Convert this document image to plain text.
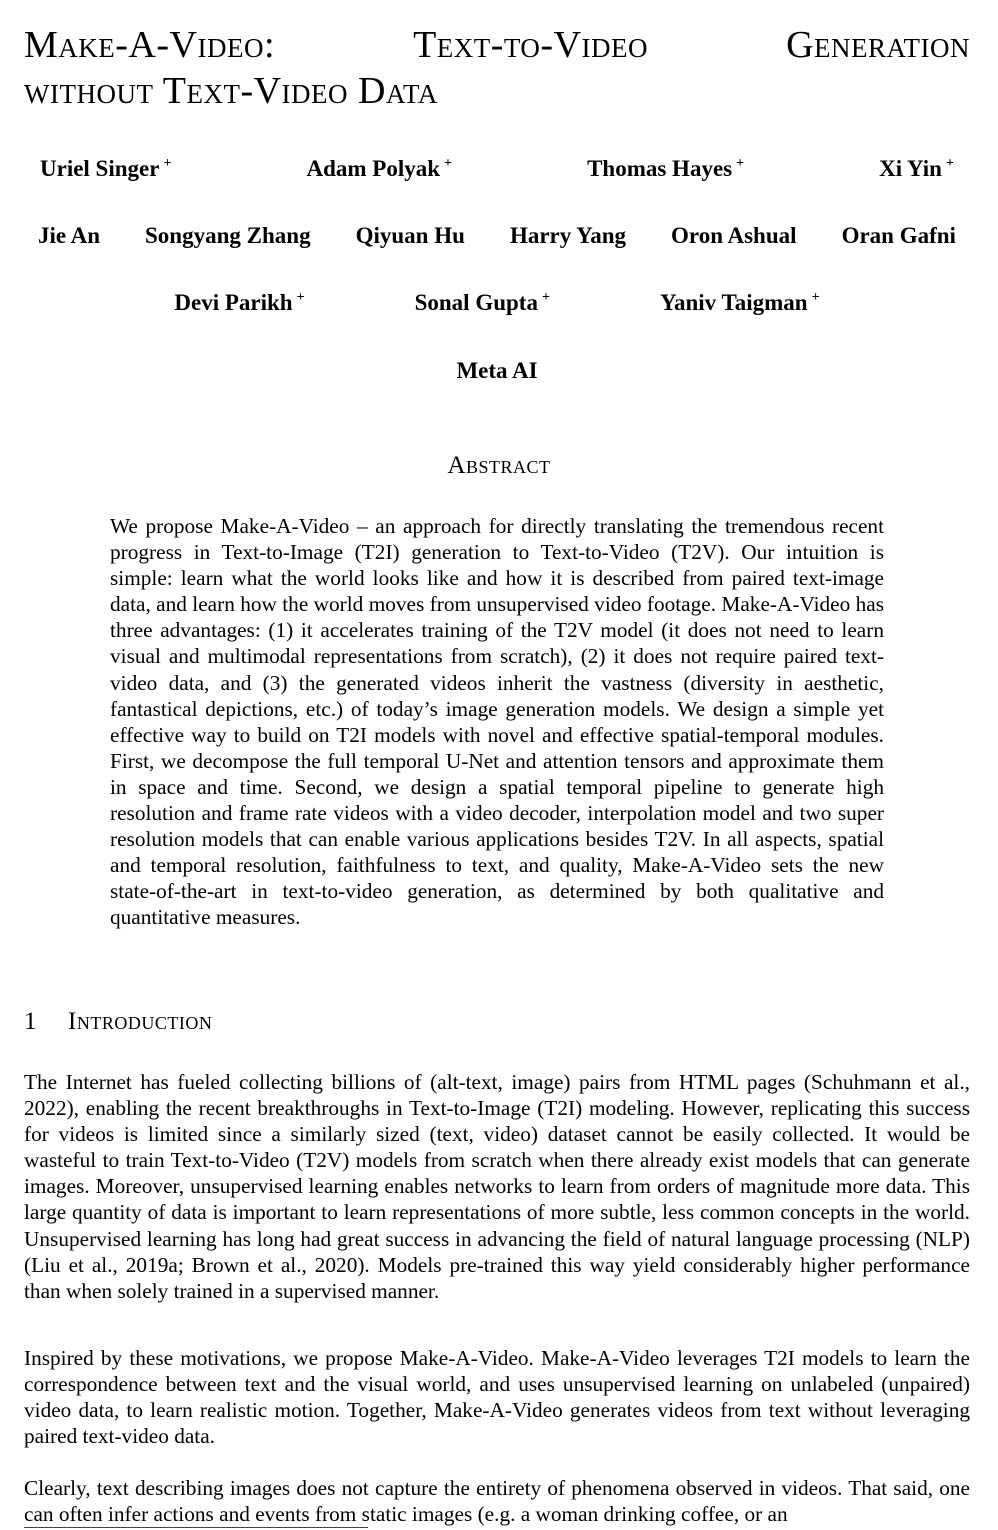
Make-A-Video:	Text-to-Video	Generation
without Text-Video Data
Uriel Singer +	Adam Polyak +	Thomas Hayes +	Xi Yin +
Jie An Songyang Zhang Qiyuan Hu Harry Yang Oron Ashual Oran Gafni
Devi Parikh +	Sonal Gupta +	Yaniv Taigman +
Meta AI
Abstract

We propose Make-A-Video – an approach for directly translating the tremendous recent progress in Text-to-Image (T2I) generation to Text-to-Video (T2V). Our intuition is simple: learn what the world looks like and how it is described from paired text-image data, and learn how the world moves from unsupervised video footage. Make-A-Video has three advantages: (1) it accelerates training of the T2V model (it does not need to learn visual and multimodal representations from scratch), (2) it does not require paired text-video data, and (3) the generated videos inherit the vastness (diversity in aesthetic, fantastical depictions, etc.) of today’s image generation models. We design a simple yet effective way to build on T2I models with novel and effective spatial-temporal modules. First, we decompose the full temporal U-Net and attention tensors and approximate them in space and time. Second, we design a spatial temporal pipeline to generate high resolution and frame rate videos with a video decoder, interpolation model and two super resolution models that can enable various applications besides T2V. In all aspects, spatial and temporal resolution, faithfulness to text, and quality, Make-A-Video sets the new state-of-the-art in text-to-video generation, as determined by both qualitative and quantitative measures.

1 Introduction

The Internet has fueled collecting billions of (alt-text, image) pairs from HTML pages (Schuhmann et al., 2022), enabling the recent breakthroughs in Text-to-Image (T2I) modeling. However, replicating this success for videos is limited since a similarly sized (text, video) dataset cannot be easily collected. It would be wasteful to train Text-to-Video (T2V) models from scratch when there already exist models that can generate images. Moreover, unsupervised learning enables networks to learn from orders of magnitude more data. This large quantity of data is important to learn representations of more subtle, less common concepts in the world. Unsupervised learning has long had great success in advancing the field of natural language processing (NLP) (Liu et al., 2019a; Brown et al., 2020). Models pre-trained this way yield considerably higher performance than when solely trained in a supervised manner.

Inspired by these motivations, we propose Make-A-Video. Make-A-Video leverages T2I models to learn the correspondence between text and the visual world, and uses unsupervised learning on unlabeled (unpaired) video data, to learn realistic motion. Together, Make-A-Video generates videos from text without leveraging paired text-video data.

Clearly, text describing images does not capture the entirety of phenomena observed in videos. That said, one can often infer actions and events from static images (e.g. a woman drinking coffee, or an
